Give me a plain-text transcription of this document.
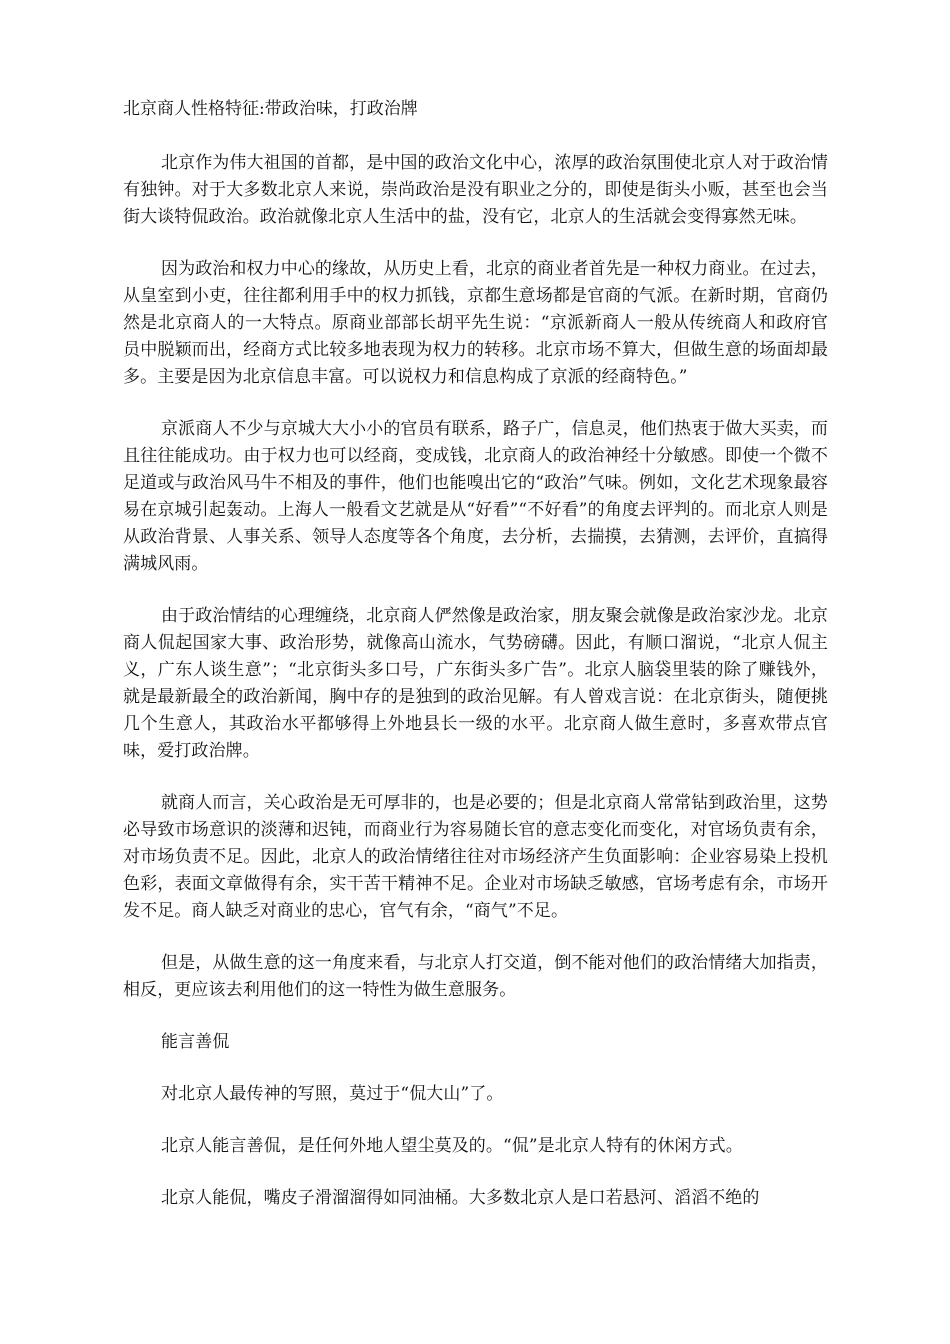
北京商人性格特征:带政治味，打政治牌

北京作为伟大祖国的首都，是中国的政治文化中心，浓厚的政治氛围使北京人对于政治情有独钟。对于大多数北京人来说，崇尚政治是没有职业之分的，即使是街头小贩，甚至也会当街大谈特侃政治。政治就像北京人生活中的盐，没有它，北京人的生活就会变得寡然无味。

因为政治和权力中心的缘故，从历史上看，北京的商业者首先是一种权力商业。在过去，从皇室到小吏，往往都利用手中的权力抓钱，京都生意场都是官商的气派。在新时期，官商仍然是北京商人的一大特点。原商业部部长胡平先生说：“京派新商人一般从传统商人和政府官员中脱颖而出，经商方式比较多地表现为权力的转移。北京市场不算大，但做生意的场面却最多。主要是因为北京信息丰富。可以说权力和信息构成了京派的经商特色。”

京派商人不少与京城大大小小的官员有联系，路子广，信息灵，他们热衷于做大买卖，而且往往能成功。由于权力也可以经商，变成钱，北京商人的政治神经十分敏感。即使一个微不足道或与政治风马牛不相及的事件，他们也能嗅出它的“政治”气味。例如，文化艺术现象最容易在京城引起轰动。上海人一般看文艺就是从“好看”“不好看”的角度去评判的。而北京人则是从政治背景、人事关系、领导人态度等各个角度，去分析，去揣摸，去猜测，去评价，直搞得满城风雨。

由于政治情结的心理缠绕，北京商人俨然像是政治家，朋友聚会就像是政治家沙龙。北京商人侃起国家大事、政治形势，就像高山流水，气势磅礴。因此，有顺口溜说，“北京人侃主义，广东人谈生意”；“北京街头多口号，广东街头多广告”。北京人脑袋里装的除了赚钱外，就是最新最全的政治新闻，胸中存的是独到的政治见解。有人曾戏言说：在北京街头，随便挑几个生意人，其政治水平都够得上外地县长一级的水平。北京商人做生意时，多喜欢带点官味，爱打政治牌。

就商人而言，关心政治是无可厚非的，也是必要的；但是北京商人常常钻到政治里，这势必导致市场意识的淡薄和迟钝，而商业行为容易随长官的意志变化而变化，对官场负责有余，对市场负责不足。因此，北京人的政治情绪往往对市场经济产生负面影响：企业容易染上投机色彩，表面文章做得有余，实干苦干精神不足。企业对市场缺乏敏感，官场考虑有余，市场开发不足。商人缺乏对商业的忠心，官气有余，“商气”不足。

但是，从做生意的这一角度来看，与北京人打交道，倒不能对他们的政治情绪大加指责，相反，更应该去利用他们的这一特性为做生意服务。

能言善侃

对北京人最传神的写照，莫过于“侃大山”了。

北京人能言善侃，是任何外地人望尘莫及的。“侃”是北京人特有的休闲方式。

北京人能侃，嘴皮子滑溜溜得如同油桶。大多数北京人是口若悬河、滔滔不绝的
